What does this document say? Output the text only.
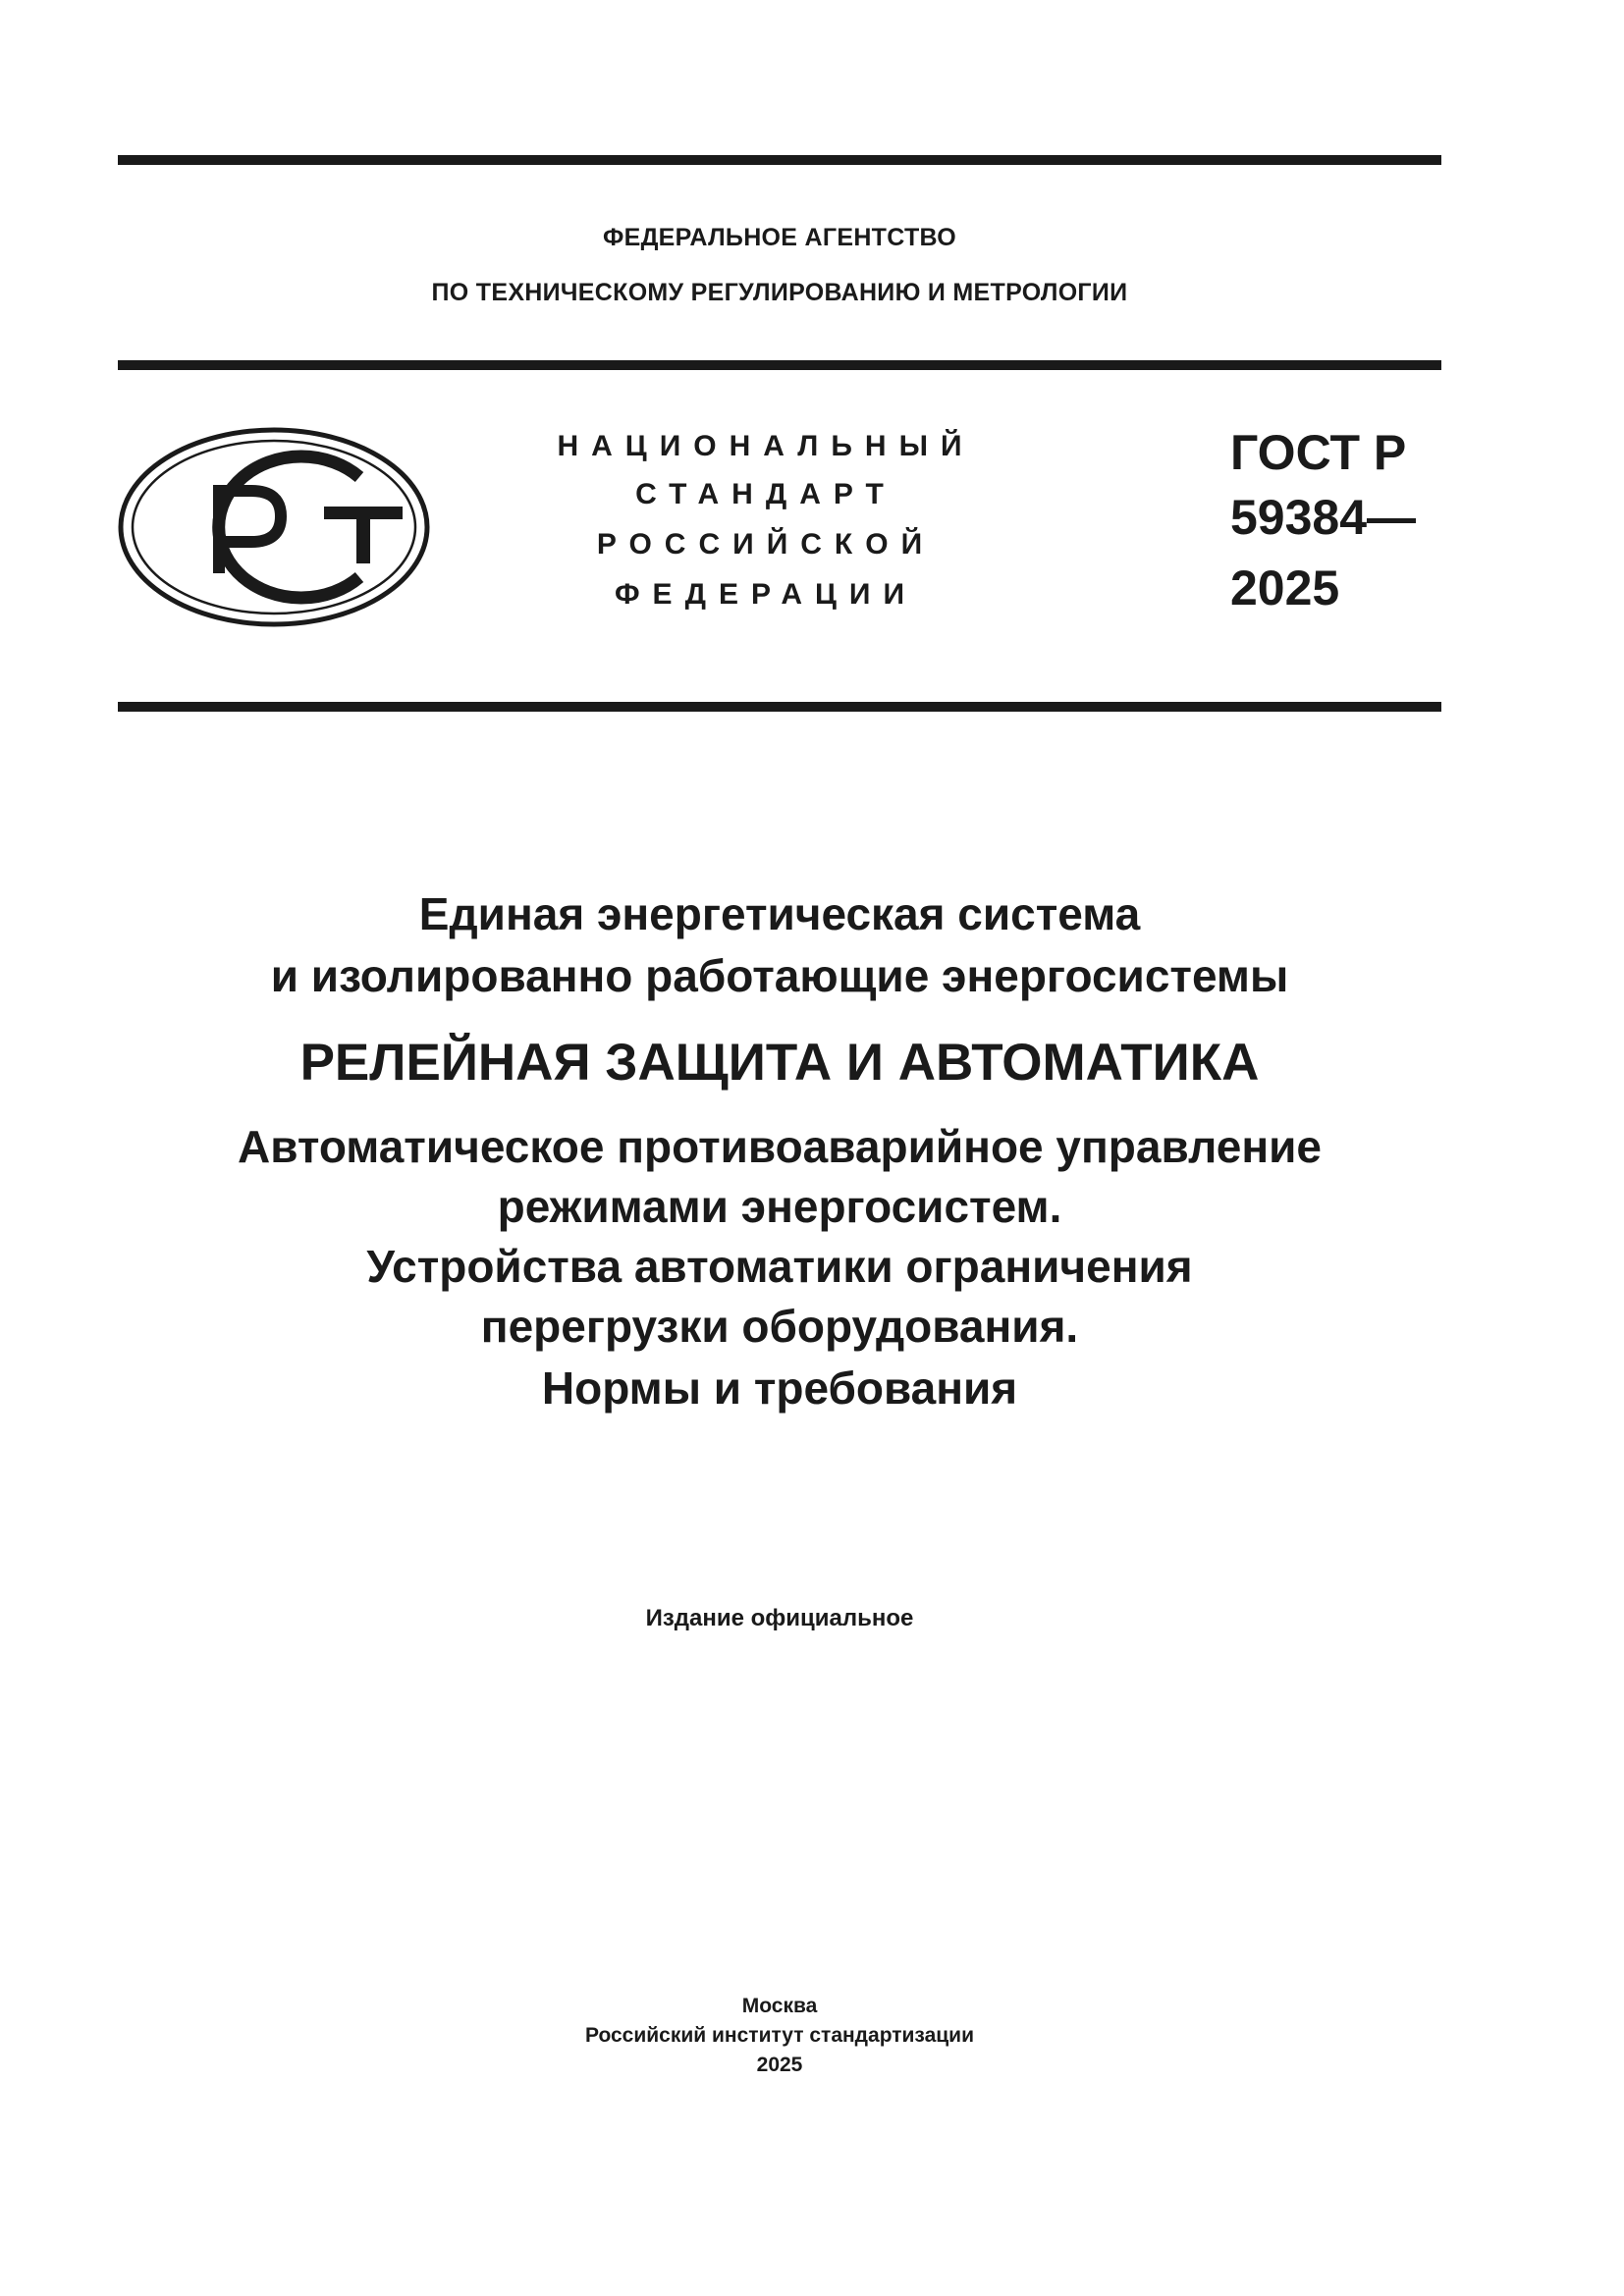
ФЕДЕРАЛЬНОЕ АГЕНТСТВО
ПО ТЕХНИЧЕСКОМУ РЕГУЛИРОВАНИЮ И МЕТРОЛОГИИ
НАЦИОНАЛЬНЫЙ
СТАНДАРТ
РОССИЙСКОЙ
ФЕДЕРАЦИИ
ГОСТ Р
59384—
2025
Единая энергетическая система
и изолированно работающие энергосистемы
РЕЛЕЙНАЯ ЗАЩИТА И АВТОМАТИКА
Автоматическое противоаварийное управление
режимами энергосистем.
Устройства автоматики ограничения
перегрузки оборудования.
Нормы и требования
Издание официальное
Москва
Российский институт стандартизации
2025
